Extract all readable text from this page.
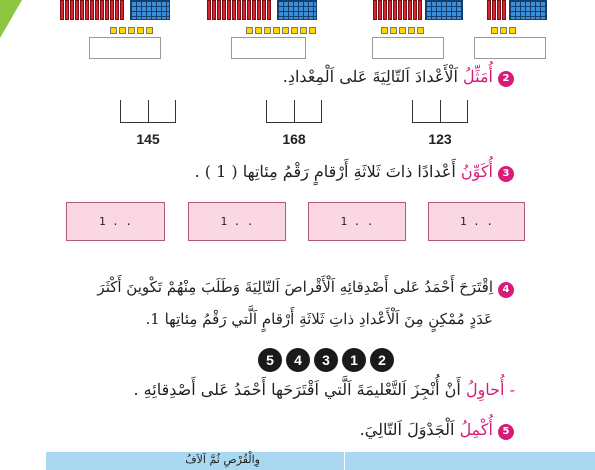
2
أُمَثِّلُ اَلْأَعْدادَ اَلتّالِيَةَ عَلى اَلْمِعْدادِ.
145	168	123
3
أُكَوِّنُ أَعْدادًا ذاتَ ثَلاثَةِ أَرْقامٍ رَقْمُ مِئاتِها ( 1 ) .
1 . .	1 . .	1 . .	1 . .
4
اِقْتَرَحَ أَحْمَدُ عَلى أَصْدِقائِهِ اَلْأَقْراصَ اَلتّالِيَةَ وَطَلَبَ مِنْهُمْ تَكْوينَ أَكْثَرَ
عَدَدٍ مُمْكِنٍ مِنَ اَلْأَعْدادِ ذاتِ ثَلاثَةِ أَرْقامٍ اَلَّتي رَقْمُ مِئاتِها 1.
5	4	3	1	2
- أُحاوِلُ أَنْ أُنْجِزَ اَلتَّعْليمَةَ اَلَّتي اَقْتَرَحَها أَحْمَدُ عَلى أَصْدِقائِهِ .
5
أُكْمِلُ اَلْجَدْوَلَ اَلتّالِيَ.
وِالْقُرْصِ ثُمَّ آلاَفُ
